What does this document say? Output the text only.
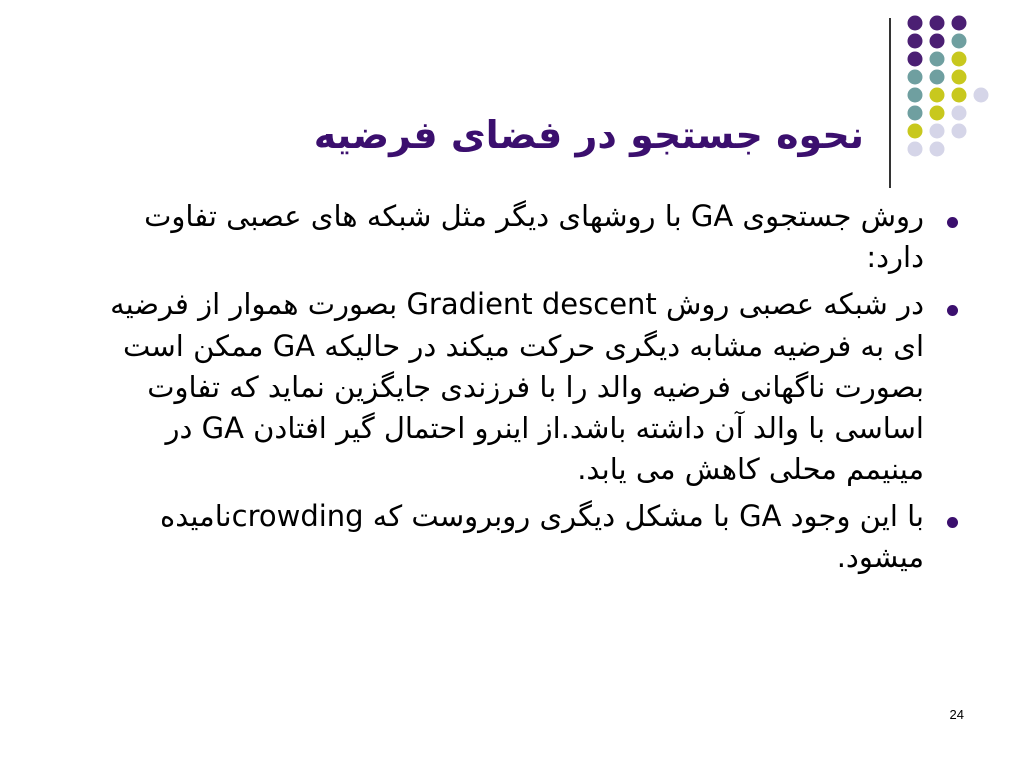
نحوه جستجو در فضای فرضیه
روش جستجوی GA با روشهای دیگر مثل شبکه های عصبی تفاوت دارد:
در شبکه عصبی روش Gradient descent بصورت هموار از فرضیه ای به فرضیه مشابه دیگری حرکت میکند در حالیکه GA ممکن است بصورت ناگهانی فرضیه والد را با فرزندی جایگزین نماید که تفاوت اساسی با والد آن داشته باشد.از اینرو احتمال گیر افتادن GA در مینیمم محلی کاهش می یابد.
با این وجود GA با مشکل دیگری روبروست که crowdingنامیده میشود.
24
